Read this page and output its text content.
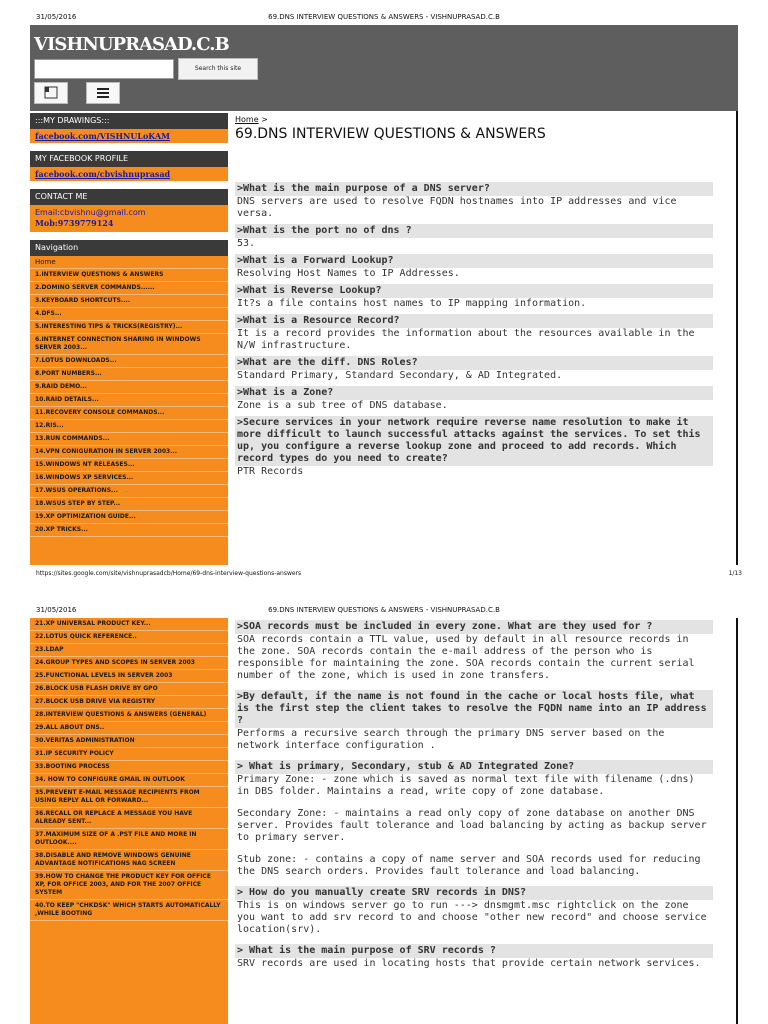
31/05/2016	69.DNS INTERVIEW QUESTIONS & ANSWERS - VISHNUPRASAD.C.B
VISHNUPRASAD.C.B
Search this site
:::MY DRAWINGS:::
facebook.com/VISHNULoKAM
MY FACEBOOK PROFILE
facebook.com/cbvishnuprasad
CONTACT ME
Email:cbvishnu@gmail.com
Mob:9739779124
Navigation
Home
1.INTERVIEW QUESTIONS & ANSWERS
2.DOMINO SERVER COMMANDS......
3.KEYBOARD SHORTCUTS....
4.DFS...
5.INTERESTING TIPS & TRICKS(REGISTRY)...
6.INTERNET CONNECTION SHARING IN WINDOWS SERVER 2003...
7.LOTUS DOWNLOADS...
8.PORT NUMBERS...
9.RAID DEMO...
10.RAID DETAILS...
11.RECOVERY CONSOLE COMMANDS...
12.RIS...
13.RUN COMMANDS...
14.VPN CONIGURATION IN SERVER 2003...
15.WINDOWS NT RELEASES...
16.WINDOWS XP SERVICES...
17.WSUS OPERATIONS...
18.WSUS STEP BY STEP...
19.XP OPTIMIZATION GUIDE...
20.XP TRICKS...
Home >
69.DNS INTERVIEW QUESTIONS & ANSWERS
>What is the main purpose of a DNS server?
DNS servers are used to resolve FQDN hostnames into IP addresses and vice versa.
>What is the port no of dns ?
53.
>What is a Forward Lookup?
Resolving Host Names to IP Addresses.
>What is Reverse Lookup?
It?s a file contains host names to IP mapping information.
>What is a Resource Record?
It is a record provides the information about the resources available in the N/W infrastructure.
>What are the diff. DNS Roles?
Standard Primary, Standard Secondary, & AD Integrated.
>What is a Zone?
Zone is a sub tree of DNS database.
>Secure services in your network require reverse name resolution to make it more difficult to launch successful attacks against the services. To set this up, you configure a reverse lookup zone and proceed to add records. Which record types do you need to create?
PTR Records
https://sites.google.com/site/vishnuprasadcb/Home/69-dns-interview-questions-answers	1/13
31/05/2016	69.DNS INTERVIEW QUESTIONS & ANSWERS - VISHNUPRASAD.C.B
21.XP UNIVERSAL PRODUCT KEY...
22.LOTUS QUICK REFERENCE..
23.LDAP
24.GROUP TYPES AND SCOPES IN SERVER 2003
25.FUNCTIONAL LEVELS IN SERVER 2003
26.BLOCK USB FLASH DRIVE BY GPO
27.BLOCK USB DRIVE VIA REGISTRY
28.INTERVIEW QUESTIONS & ANSWERS (GENERAL)
29.ALL ABOUT DNS..
30.VERITAS ADMINISTRATION
31.IP SECURITY POLICY
33.BOOTING PROCESS
34. HOW TO CONFIGURE GMAIL IN OUTLOOK
35.PREVENT E-MAIL MESSAGE RECIPIENTS FROM USING REPLY ALL OR FORWARD...
36.RECALL OR REPLACE A MESSAGE YOU HAVE ALREADY SENT...
37.MAXIMUM SIZE OF A .PST FILE AND MORE IN OUTLOOK....
38.DISABLE AND REMOVE WINDOWS GENUINE ADVANTAGE NOTIFICATIONS NAG SCREEN
39.HOW TO CHANGE THE PRODUCT KEY FOR OFFICE XP, FOR OFFICE 2003, AND FOR THE 2007 OFFICE SYSTEM
40.TO KEEP "CHKDSK" WHICH STARTS AUTOMATICALLY ,WHILE BOOTING
>SOA records must be included in every zone. What are they used for ?
SOA records contain a TTL value, used by default in all resource records in the zone. SOA records contain the e-mail address of the person who is responsible for maintaining the zone. SOA records contain the current serial number of the zone, which is used in zone transfers.
>By default, if the name is not found in the cache or local hosts file, what is the first step the client takes to resolve the FQDN name into an IP address ?
Performs a recursive search through the primary DNS server based on the network interface configuration .
> What is primary, Secondary, stub & AD Integrated Zone?
Primary Zone: - zone which is saved as normal text file with filename (.dns) in DBS folder. Maintains a read, write copy of zone database.
Secondary Zone: - maintains a read only copy of zone database on another DNS server. Provides fault tolerance and load balancing by acting as backup server to primary server.
Stub zone: - contains a copy of name server and SOA records used for reducing the DNS search orders. Provides fault tolerance and load balancing.
> How do you manually create SRV records in DNS?
This is on windows server go to run ---> dnsmgmt.msc rightclick on the zone you want to add srv record to and choose "other new record" and choose service location(srv).
> What is the main purpose of SRV records ?
SRV records are used in locating hosts that provide certain network services.
